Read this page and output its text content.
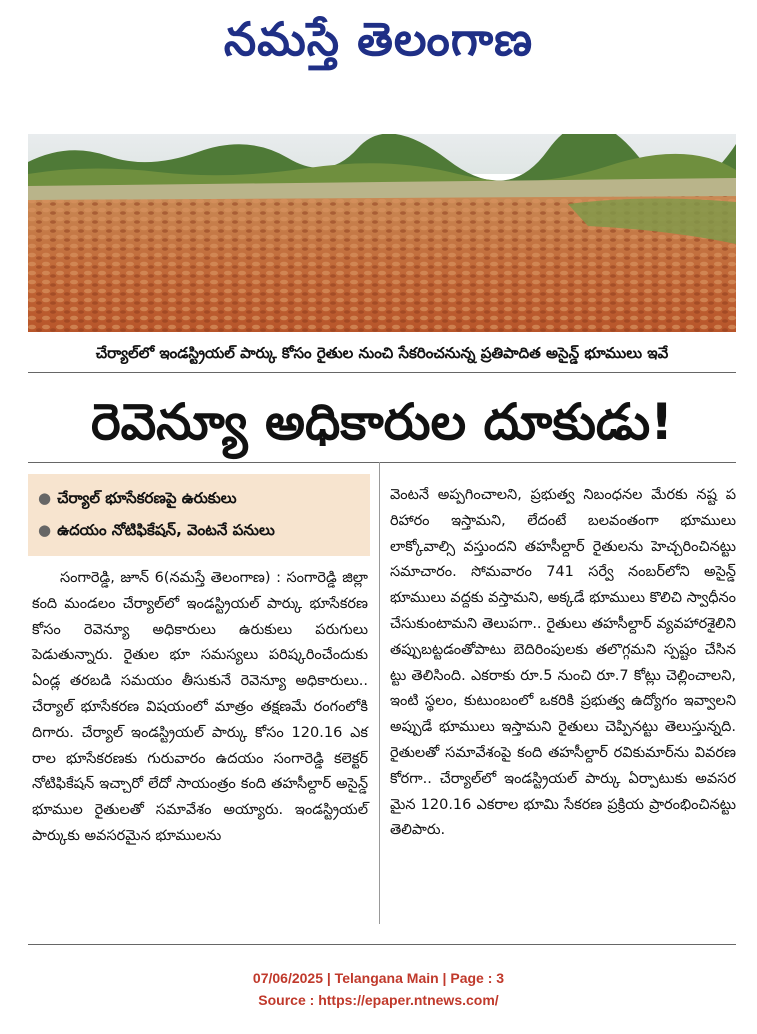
నమస్తే తెలంగాణ
చేర్యాల్‌లో ఇండస్ట్రియల్ పార్కు కోసం రైతుల నుంచి సేకరించనున్న ప్రతిపాదిత అసైన్డ్ భూములు ఇవే
రెవెన్యూ అధికారుల దూకుడు!
● చేర్యాల్ భూసేకరణపై ఉరుకులు
● ఉదయం నోటిఫికేషన్, వెంటనే పనులు
సంగారెడ్డి, జూన్ 6(నమస్తే తెలంగాణ) : సంగారెడ్డి జిల్లా కంది మండలం చేర్యాల్‌లో ఇండస్ట్రియల్ పార్కు భూసేకరణ కోసం రెవెన్యూ అధికారులు ఉరుకులు పరుగులు పెడుతున్నారు. రైతుల భూ సమస్యలు పరిష్కరించేందుకు ఏండ్ల తరబడి సమయం తీసుకునే రెవెన్యూ అధికారులు.. చేర్యాల్ భూసేకరణ విషయంలో మాత్రం తక్షణమే రంగంలోకి దిగారు. చేర్యాల్ ఇండస్ట్రియల్ పార్కు కోసం 120.16 ఎకరాల భూసేకరణకు గురువారం ఉదయం సంగారెడ్డి కలెక్టర్ నోటిఫికేషన్ ఇచ్చారో లేదో సాయంత్రం కంది తహసీల్దార్ అసైన్డ్ భూముల రైతులతో సమావేశం అయ్యారు. ఇండస్ట్రియల్ పార్కుకు అవసరమైన భూములను
వెంటనే అప్పగించాలని, ప్రభుత్వ నిబంధనల మేరకు నష్ట పరిహారం ఇస్తామని, లేదంటే బలవంతంగా భూములు లాక్కోవాల్సి వస్తుందని తహసీల్దార్ రైతులను హెచ్చరించినట్టు సమాచారం. సోమవారం 741 సర్వే నంబర్‌లోని అసైన్డ్ భూములు వద్దకు వస్తామని, అక్కడే భూములు కొలిచి స్వాధీనం చేసుకుంటామని తెలుపగా.. రైతులు తహసీల్దార్ వ్యవహారశైలిని తప్పుబట్టడంతోపాటు బెదిరింపులకు తలొగ్గమని స్పష్టం చేసినట్టు తెలిసింది. ఎకరాకు రూ.5 నుంచి రూ.7 కోట్లు చెల్లించాలని, ఇంటి స్థలం, కుటుంబంలో ఒకరికి ప్రభుత్వ ఉద్యోగం ఇవ్వాలని అప్పుడే భూములు ఇస్తామని రైతులు చెప్పినట్టు తెలుస్తున్నది. రైతులతో సమావేశంపై కంది తహసీల్దార్ రవికుమార్‌ను వివరణ కోరగా.. చేర్యాల్‌లో ఇండస్ట్రియల్ పార్కు ఏర్పాటుకు అవసరమైన 120.16 ఎకరాల భూమి సేకరణ ప్రక్రియ ప్రారంభించినట్టు తెలిపారు.
07/06/2025 | Telangana Main | Page : 3
Source : https://epaper.ntnews.com/
